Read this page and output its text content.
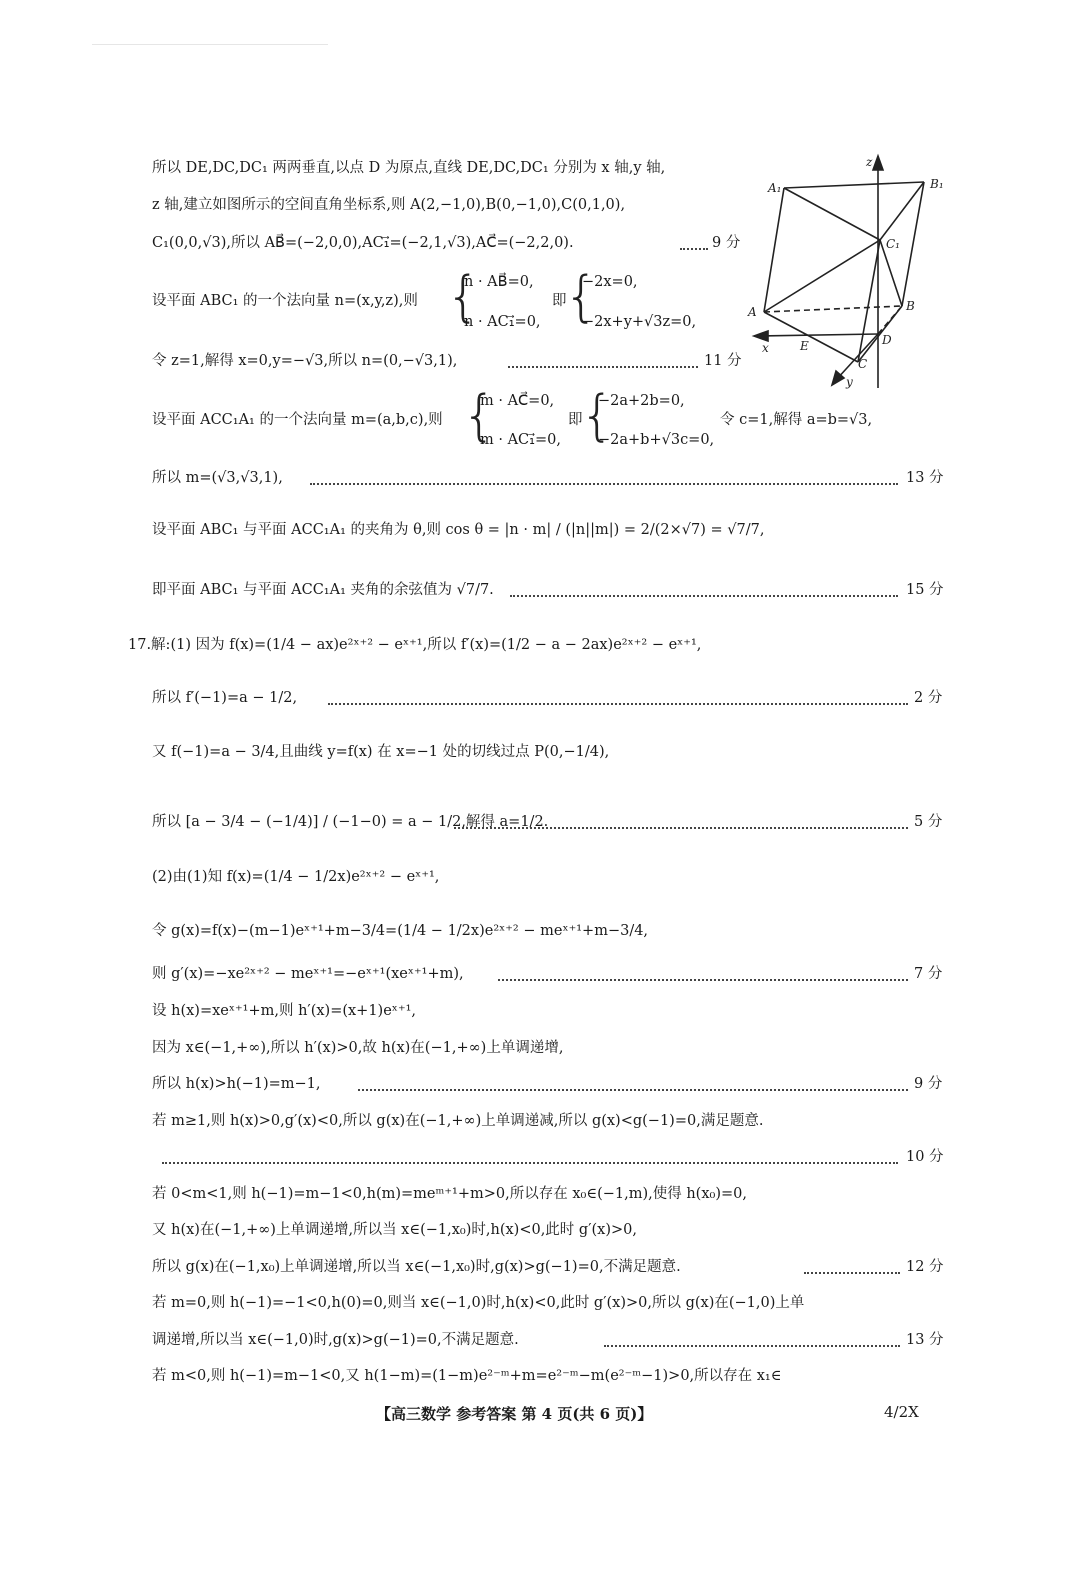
所以 DE,DC,DC₁ 两两垂直,以点 D 为原点,直线 DE,DC,DC₁ 分别为 x 轴,y 轴,
z 轴,建立如图所示的空间直角坐标系,则 A(2,−1,0),B(0,−1,0),C(0,1,0),
C₁(0,0,√3),所以 AB⃗=(−2,0,0),AC₁⃗=(−2,1,√3),AC⃗=(−2,2,0).	9 分
设平面 ABC₁ 的一个法向量 n=(x,y,z),则 {
n · AB⃗=0,
n · AC₁⃗=0,
即
{
−2x=0,
−2x+y+√3z=0,
令 z=1,解得 x=0,y=−√3,所以 n=(0,−√3,1),	11 分
设平面 ACC₁A₁ 的一个法向量 m=(a,b,c),则 {
m · AC⃗=0,
m · AC₁⃗=0,
即
{
−2a+2b=0,
−2a+b+√3c=0,
令 c=1,解得 a=b=√3,
所以 m=(√3,√3,1),	13 分
设平面 ABC₁ 与平面 ACC₁A₁ 的夹角为 θ,则 cos θ = |n · m| / (|n||m|) = 2/(2×√7) = √7/7,
即平面 ABC₁ 与平面 ACC₁A₁ 夹角的余弦值为 √7/7.	15 分
17.解:(1) 因为 f(x)=(1/4 − ax)e²ˣ⁺² − eˣ⁺¹,所以 f′(x)=(1/2 − a − 2ax)e²ˣ⁺² − eˣ⁺¹,
所以 f′(−1)=a − 1/2,	2 分
又 f(−1)=a − 3/4,且曲线 y=f(x) 在 x=−1 处的切线过点 P(0,−1/4),
所以 [a − 3/4 − (−1/4)] / (−1−0) = a − 1/2,解得 a=1/2.	5 分
(2)由(1)知 f(x)=(1/4 − 1/2x)e²ˣ⁺² − eˣ⁺¹,
令 g(x)=f(x)−(m−1)eˣ⁺¹+m−3/4=(1/4 − 1/2x)e²ˣ⁺² − meˣ⁺¹+m−3/4,
则 g′(x)=−xe²ˣ⁺² − meˣ⁺¹=−eˣ⁺¹(xeˣ⁺¹+m),	7 分
设 h(x)=xeˣ⁺¹+m,则 h′(x)=(x+1)eˣ⁺¹,
因为 x∈(−1,+∞),所以 h′(x)>0,故 h(x)在(−1,+∞)上单调递增,
所以 h(x)>h(−1)=m−1,	9 分
若 m≥1,则 h(x)>0,g′(x)<0,所以 g(x)在(−1,+∞)上单调递减,所以 g(x)<g(−1)=0,满足题意.
10 分
若 0<m<1,则 h(−1)=m−1<0,h(m)=meᵐ⁺¹+m>0,所以存在 x₀∈(−1,m),使得 h(x₀)=0,
又 h(x)在(−1,+∞)上单调递增,所以当 x∈(−1,x₀)时,h(x)<0,此时 g′(x)>0,
所以 g(x)在(−1,x₀)上单调递增,所以当 x∈(−1,x₀)时,g(x)>g(−1)=0,不满足题意.	12 分
若 m=0,则 h(−1)=−1<0,h(0)=0,则当 x∈(−1,0)时,h(x)<0,此时 g′(x)>0,所以 g(x)在(−1,0)上单
调递增,所以当 x∈(−1,0)时,g(x)>g(−1)=0,不满足题意.	13 分
若 m<0,则 h(−1)=m−1<0,又 h(1−m)=(1−m)e²⁻ᵐ+m=e²⁻ᵐ−m(e²⁻ᵐ−1)>0,所以存在 x₁∈
z
A₁	B₁
C₁
A	B
D
E
C
x
y
【高三数学 参考答案 第 4 页(共 6 页)】	4/2X
